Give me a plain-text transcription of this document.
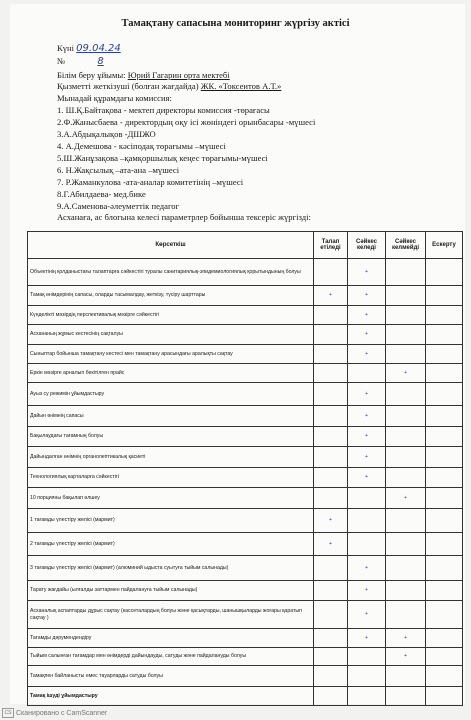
Тамақтану сапасына мониторинг жүргізу актісі
Күні 09.04.24
№	8
Білім беру ұйымы: Юрий Гагарин орта мектебі
Қызметті жеткізуші (болған жағдайда) ЖК. «Токсеитов А.Т.»
Мынадай құрамдағы комиссия:
1. Ш.Қ.Байтақова - мектеп директоры комиссия -төрағасы
2.Ф.Жанысбаева - директордың оқу ісі жөніндегі орынбасары -мүшесі
3.А.Абдықалықов -ДШЖО
4. А.Демешова - кәсіподақ төрағымы –мүшесі
5.Ш.Жанұзақова –қамқоршылық кеңес төрағымы-мүшесі
6. Н.Жақсылық –ата-ана –мүшесі
7. Р.Жаманкулова -ата-аналар комитетінің –мүшесі
8.Г.Абилдаева- мед.бике
9.А.Саменова-әлеуметтік педагог
Асханаға, ас блогына келесі параметрлер бойынша тексеріс жүргізді:
Көрсеткіш	Талап етіледі	Сәйкес келеді	Сәйкес келмейді	Ескерту
Объектінің қолданыстағы талаптарға сәйкестігі туралы санитариялық-эпидемиологиялық қорытындының болуы		+		
Тамақ өнімдерінің сапасы, оларды тасымалдау, жеткізу, түсіру шарттары	+	+		
Күнделікті мәзірдің перспективалық мәзірге сәйкестігі		+		
Асхананың жұмыс кестесінің сақталуы		+		
Сыныптар бойынша тамақтану кестесі мен тамақтану арасындағы аралықты сақтау		+		
Еркін мәзірге арналып бекітілген прайс			+	
Ауыз су режимін ұйымдастыру		+		
Дайын өнімнің сапасы		+		
Бақылаудағы тағамның болуы		+		
Дайындалған өнімнің органолептикалық қасиеті		+		
Технологиялық карталарға сәйкестігі		+		
10 порцияны бақылап өлшеу			+	
1 тағамды үлестіру желісі (мармит)	+			
2 тағамды үлестіру желісі (мармит)	+			
3 тағамды үлестіру желісі (мармит) (алюминий ыдыста суытуға тыйым салынады)		+		
Тарату жағдайы (ылғалды заттармен пайдалануға тыйым салынады)		+		
Асханалық аспаптарды дұрыс сақтау (кассеталардың болуы және қасықтарды, шанышқыларды жоғары қаратып сақтау )		+		
Тағамды дәрумендендіру		+	+	
Тыйым салынған тағамдар мен өнімдерді дайындауды, сатуды және пайдалануды болуы			+	
Тамақпен байланысты емес тауарларды сатуды болуы				
Тамақ ішуді ұйымдастыру				
CS Сканировано с CamScanner
